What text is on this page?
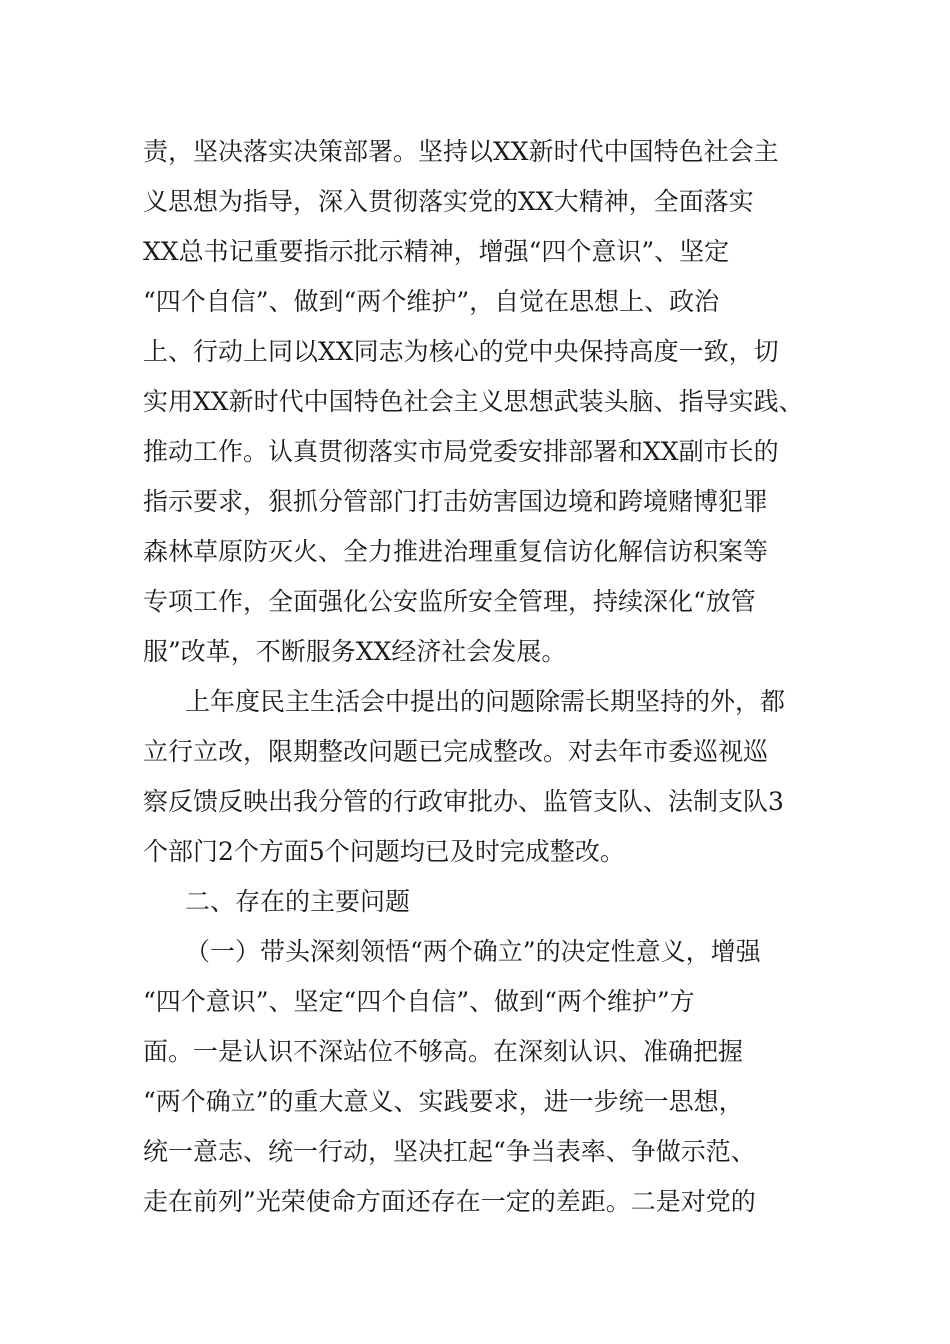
责，坚决落实决策部署。坚持以XX新时代中国特色社会主
义思想为指导，深入贯彻落实党的XX大精神，全面落实
XX总书记重要指示批示精神，增强“四个意识”、坚定
“四个自信”、做到“两个维护”，自觉在思想上、政治
上、行动上同以XX同志为核心的党中央保持高度一致，切
实用XX新时代中国特色社会主义思想武装头脑、指导实践、
推动工作。认真贯彻落实市局党委安排部署和XX副市长的
指示要求，狠抓分管部门打击妨害国边境和跨境赌博犯罪
森林草原防灭火、全力推进治理重复信访化解信访积案等
专项工作，全面强化公安监所安全管理，持续深化“放管
服”改革，不断服务XX经济社会发展。
上年度民主生活会中提出的问题除需长期坚持的外，都
立行立改，限期整改问题已完成整改。对去年市委巡视巡
察反馈反映出我分管的行政审批办、监管支队、法制支队3
个部门2个方面5个问题均已及时完成整改。
二、存在的主要问题
（一）带头深刻领悟“两个确立”的决定性意义，增强
“四个意识”、坚定“四个自信”、做到“两个维护”方
面。一是认识不深站位不够高。在深刻认识、准确把握
“两个确立”的重大意义、实践要求，进一步统一思想，
统一意志、统一行动，坚决扛起“争当表率、争做示范、
走在前列”光荣使命方面还存在一定的差距。二是对党的
